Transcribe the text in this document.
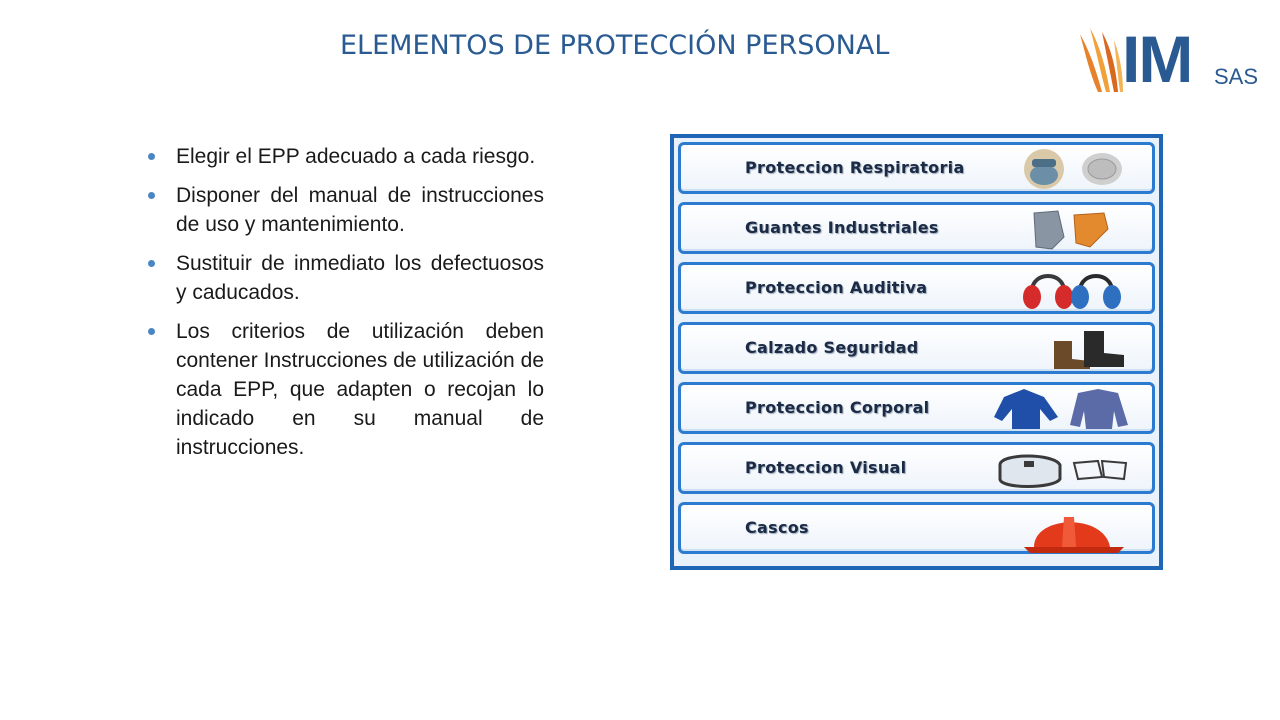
ELEMENTOS DE PROTECCIÓN PERSONAL	IM SAS
Elegir el EPP adecuado a cada riesgo.
Disponer del manual de instrucciones de uso y mantenimiento.
Sustituir de inmediato los defectuosos y caducados.
Los criterios de utilización deben contener Instrucciones de utilización de cada EPP, que adapten o recojan lo indicado en su manual de instrucciones.
Proteccion Respiratoria
Guantes Industriales
Proteccion Auditiva
Calzado Seguridad
Proteccion Corporal
Proteccion Visual
Cascos
